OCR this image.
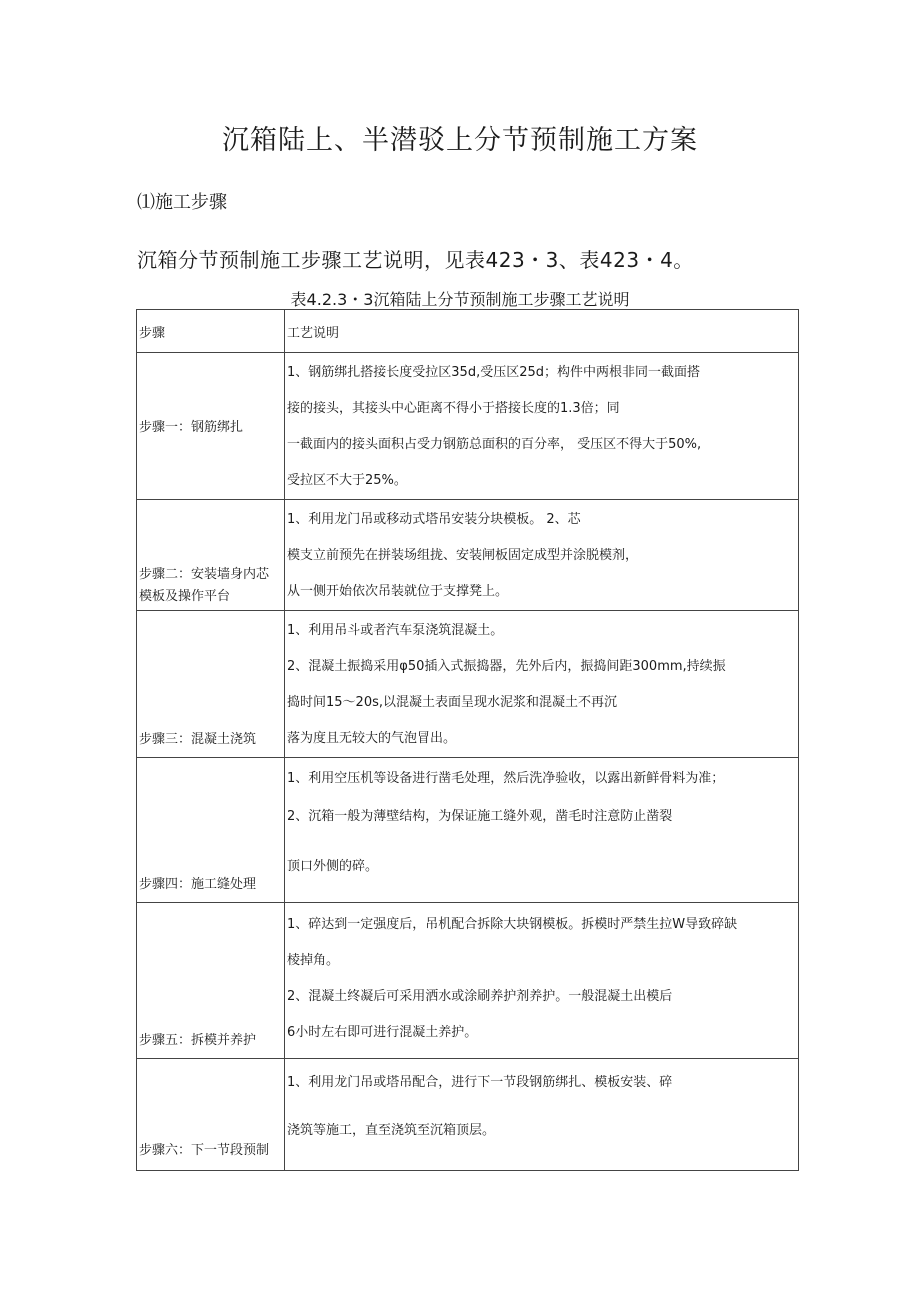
沉箱陆上、半潜驳上分节预制施工方案
⑴施工步骤
沉箱分节预制施工步骤工艺说明，见表423・3、表423・4。
表4.2.3・3沉箱陆上分节预制施工步骤工艺说明
步骤	工艺说明

步骤一：钢筋绑扎	1、钢筋绑扎搭接长度受拉区35d,受压区25d；构件中两根非同一截面搭
接的接头，其接头中心距离不得小于搭接长度的1.3倍；同
一截面内的接头面积占受力钢筋总面积的百分率， 受压区不得大于50%,
受拉区不大于25%。

步骤二：安装墙身内芯模板及操作平台	1、利用龙门吊或移动式塔吊安装分块模板。 2、芯
模支立前预先在拼装场组拢、安装闸板固定成型并涂脱模剂，
从一侧开始依次吊装就位于支撑凳上。

步骤三：混凝土浇筑	1、利用吊斗或者汽车泵浇筑混凝土。
2、混凝土振捣采用φ50插入式振捣器，先外后内，振捣间距300mm,持续振
捣时间15〜20s,以混凝土表面呈现水泥浆和混凝土不再沉
落为度且无较大的气泡冒出。

步骤四：施工缝处理	1、利用空压机等设备进行凿毛处理，然后洗净验收，以露出新鲜骨料为准；
2、沉箱一般为薄壁结构，为保证施工缝外观，凿毛时注意防止凿裂
顶口外侧的碎。

步骤五：拆模并养护	1、碎达到一定强度后，吊机配合拆除大块钢模板。拆模时严禁生拉W导致碎缺
棱掉角。
2、混凝土终凝后可采用洒水或涂刷养护剂养护。一般混凝土出模后
6小时左右即可进行混凝土养护。

步骤六：下一节段预制	1、利用龙门吊或塔吊配合，进行下一节段钢筋绑扎、模板安装、碎
浇筑等施工，直至浇筑至沉箱顶层。
